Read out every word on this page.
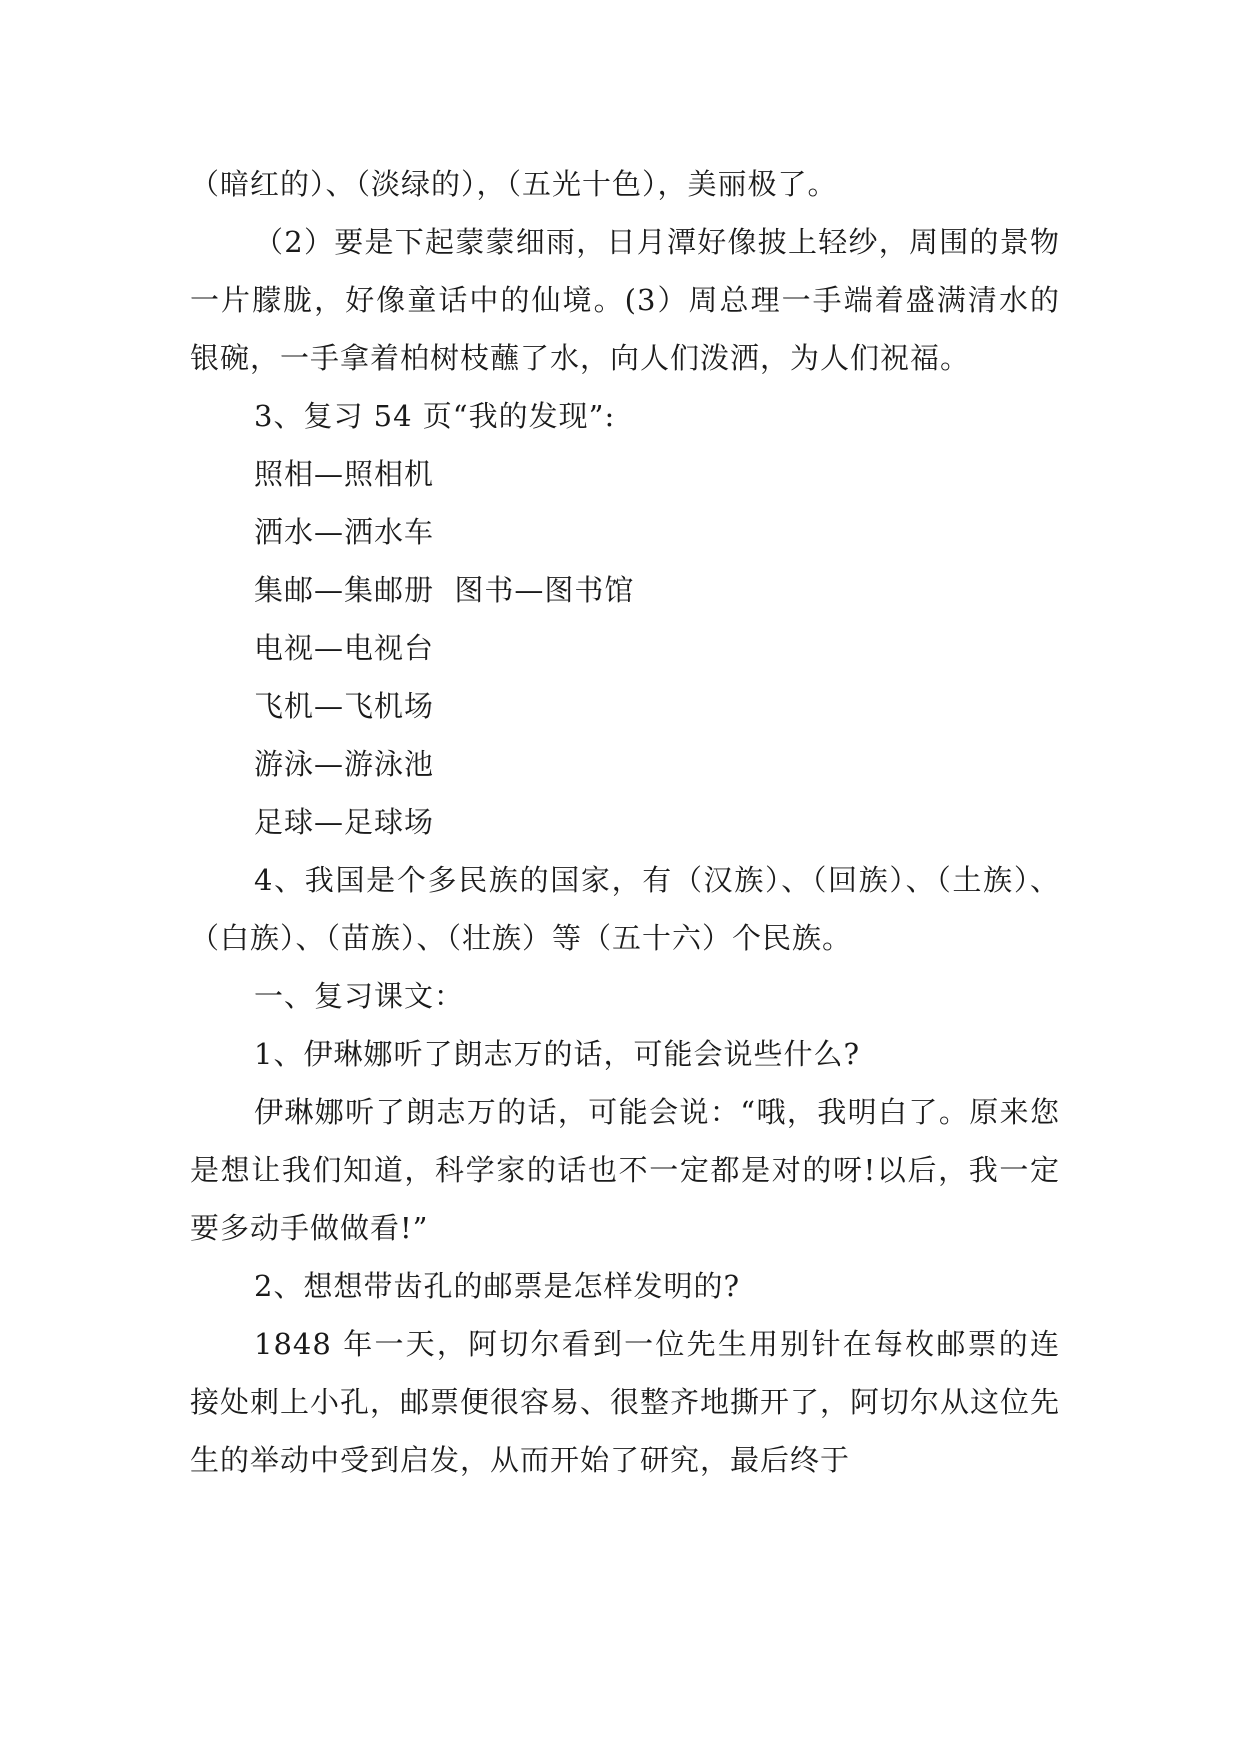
（暗红的）、（淡绿的），（五光十色），美丽极了。

（2）要是下起蒙蒙细雨，日月潭好像披上轻纱，周围的景物一片朦胧，好像童话中的仙境。(3）周总理一手端着盛满清水的银碗，一手拿着柏树枝蘸了水，向人们泼洒，为人们祝福。

3、复习 54 页“我的发现”:

照相—照相机

洒水—洒水车

集邮—集邮册  图书—图书馆

电视—电视台

飞机—飞机场

游泳—游泳池

足球—足球场

4、我国是个多民族的国家，有（汉族）、（回族）、（土族）、（白族）、（苗族）、（壮族）等（五十六）个民族。

一、复习课文：

1、伊琳娜听了朗志万的话，可能会说些什么?

伊琳娜听了朗志万的话，可能会说：“哦，我明白了。原来您是想让我们知道，科学家的话也不一定都是对的呀!以后，我一定要多动手做做看!”

2、想想带齿孔的邮票是怎样发明的?

1848 年一天，阿切尔看到一位先生用别针在每枚邮票的连接处刺上小孔，邮票便很容易、很整齐地撕开了，阿切尔从这位先生的举动中受到启发，从而开始了研究，最后终于
